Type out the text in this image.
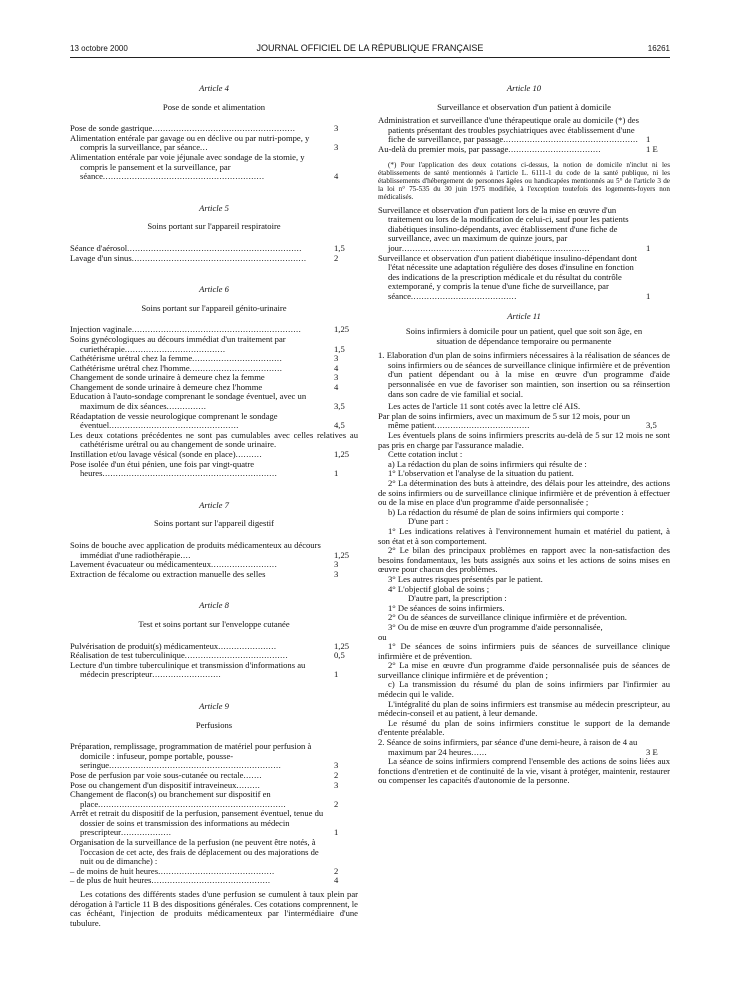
13 octobre 2000	JOURNAL OFFICIEL DE LA RÉPUBLIQUE FRANÇAISE	16261
Article 4
Pose de sonde et alimentation
Pose de sonde gastrique......................................................	3
Alimentation entérale par gavage ou en déclive ou par nutri-pompe, y compris la surveillance, par séance...	3
Alimentation entérale par voie jéjunale avec sondage de la stomie, y compris le pansement et la surveillance, par séance.............................................................	4
Article 5
Soins portant sur l'appareil respiratoire
Séance d'aérosol..................................................................	1,5
Lavage d'un sinus..................................................................	2
Article 6
Soins portant sur l'appareil génito-urinaire
Injection vaginale................................................................	1,25
Soins gynécologiques au décours immédiat d'un traitement par curiethérapie......................................	1,5
Cathétérisme urétral chez la femme..................................	3
Cathétérisme urétral chez l'homme...................................	4
Changement de sonde urinaire à demeure chez la femme	3
Changement de sonde urinaire à demeure chez l'homme	4
Education à l'auto-sondage comprenant le sondage éventuel, avec un maximum de dix séances...............	3,5
Réadaptation de vessie neurologique comprenant le sondage éventuel.................................................	4,5
Les deux cotations précédentes ne sont pas cumulables avec celles relatives au cathétérisme urétral ou au changement de sonde urinaire.
Instillation et/ou lavage vésical (sonde en place)..........	1,25
Pose isolée d'un étui pénien, une fois par vingt-quatre heures..................................................................	1
Article 7
Soins portant sur l'appareil digestif
Soins de bouche avec application de produits médicamenteux au décours immédiat d'une radiothérapie....	1,25
Lavement évacuateur ou médicamenteux.........................	3
Extraction de fécalome ou extraction manuelle des selles	3
Article 8
Test et soins portant sur l'enveloppe cutanée
Pulvérisation de produit(s) médicamenteux......................	1,25
Réalisation de test tuberculinique.......................................	0,5
Lecture d'un timbre tuberculinique et transmission d'informations au médecin prescripteur..........................	1
Article 9
Perfusions
Préparation, remplissage, programmation de matériel pour perfusion à domicile : infuseur, pompe portable, pousse-seringue.................................................................	3
Pose de perfusion par voie sous-cutanée ou rectale.......	2
Pose ou changement d'un dispositif intraveineux.........	3
Changement de flacon(s) ou branchement sur dispositif en place.......................................................................	2
Arrêt et retrait du dispositif de la perfusion, pansement éventuel, tenue du dossier de soins et transmission des informations au médecin prescripteur...................	1
Organisation de la surveillance de la perfusion (ne peuvent être notés, à l'occasion de cet acte, des frais de déplacement ou des majorations de nuit ou de dimanche) :
– de moins de huit heures............................................	2
– de plus de huit heures.............................................	4
Les cotations des différents stades d'une perfusion se cumulent à taux plein par dérogation à l'article 11 B des dispositions générales. Ces cotations comprennent, le cas échéant, l'injection de produits médicamenteux par l'intermédiaire d'une tubulure.
Article 10
Surveillance et observation d'un patient à domicile
Administration et surveillance d'une thérapeutique orale au domicile (*) des patients présentant des troubles psychiatriques avec établissement d'une fiche de surveillance, par passage................................................... 1
Au-delà du premier mois, par passage...................................	1 E
(*) Pour l'application des deux cotations ci-dessus, la notion de domicile n'inclut ni les établissements de santé mentionnés à l'article L. 6111-1 du code de la santé publique, ni les établissements d'hébergement de personnes âgées ou handicapées mentionnés au 5° de l'article 3 de la loi n° 75-535 du 30 juin 1975 modifiée, à l'exception toutefois des logements-foyers non médicalisés.
Surveillance et observation d'un patient lors de la mise en œuvre d'un traitement ou lors de la modification de celui-ci, sauf pour les patients diabétiques insulino-dépendants, avec établissement d'une fiche de surveillance, avec un maximum de quinze jours, par jour.......................................................................	1
Surveillance et observation d'un patient diabétique insulino-dépendant dont l'état nécessite une adaptation régulière des doses d'insuline en fonction des indications de la prescription médicale et du résultat du contrôle extemporané, y compris la tenue d'une fiche de surveillance, par séance........................................	1
Article 11
Soins infirmiers à domicile pour un patient, quel que soit son âge, en situation de dépendance temporaire ou permanente
1. Elaboration d'un plan de soins infirmiers nécessaires à la réalisation de séances de soins infirmiers ou de séances de surveillance clinique infirmière et de prévention d'un patient dépendant ou à la mise en œuvre d'un programme d'aide personnalisée en vue de favoriser son maintien, son insertion ou sa réinsertion dans son cadre de vie familial et social.
Les actes de l'article 11 sont cotés avec la lettre clé AIS.
Par plan de soins infirmiers, avec un maximum de 5 sur 12 mois, pour un même patient....................................	3,5
Les éventuels plans de soins infirmiers prescrits au-delà de 5 sur 12 mois ne sont pas pris en charge par l'assurance maladie.
Cette cotation inclut :
a) La rédaction du plan de soins infirmiers qui résulte de :
1° L'observation et l'analyse de la situation du patient.
2° La détermination des buts à atteindre, des délais pour les atteindre, des actions de soins infirmiers ou de surveillance clinique infirmière et de prévention à effectuer ou de la mise en place d'un programme d'aide personnalisée ;
b) La rédaction du résumé de plan de soins infirmiers qui comporte :
D'une part :
1° Les indications relatives à l'environnement humain et matériel du patient, à son état et à son comportement.
2° Le bilan des principaux problèmes en rapport avec la non-satisfaction des besoins fondamentaux, les buts assignés aux soins et les actions de soins mises en œuvre pour chacun des problèmes.
3° Les autres risques présentés par le patient.
4° L'objectif global de soins ;
D'autre part, la prescription :
1° De séances de soins infirmiers.
2° Ou de séances de surveillance clinique infirmière et de prévention.
3° Ou de mise en œuvre d'un programme d'aide personnalisée,
ou
1° De séances de soins infirmiers puis de séances de surveillance clinique infirmière et de prévention.
2° La mise en œuvre d'un programme d'aide personnalisée puis de séances de surveillance clinique infirmière et de prévention ;
c) La transmission du résumé du plan de soins infirmiers par l'infirmier au médecin qui le valide.
L'intégralité du plan de soins infirmiers est transmise au médecin prescripteur, au médecin-conseil et au patient, à leur demande.
Le résumé du plan de soins infirmiers constitue le support de la demande d'entente préalable.
2. Séance de soins infirmiers, par séance d'une demi-heure, à raison de 4 au maximum par 24 heures......	3 E
La séance de soins infirmiers comprend l'ensemble des actions de soins liées aux fonctions d'entretien et de continuité de la vie, visant à protéger, maintenir, restaurer ou compenser les capacités d'autonomie de la personne.
